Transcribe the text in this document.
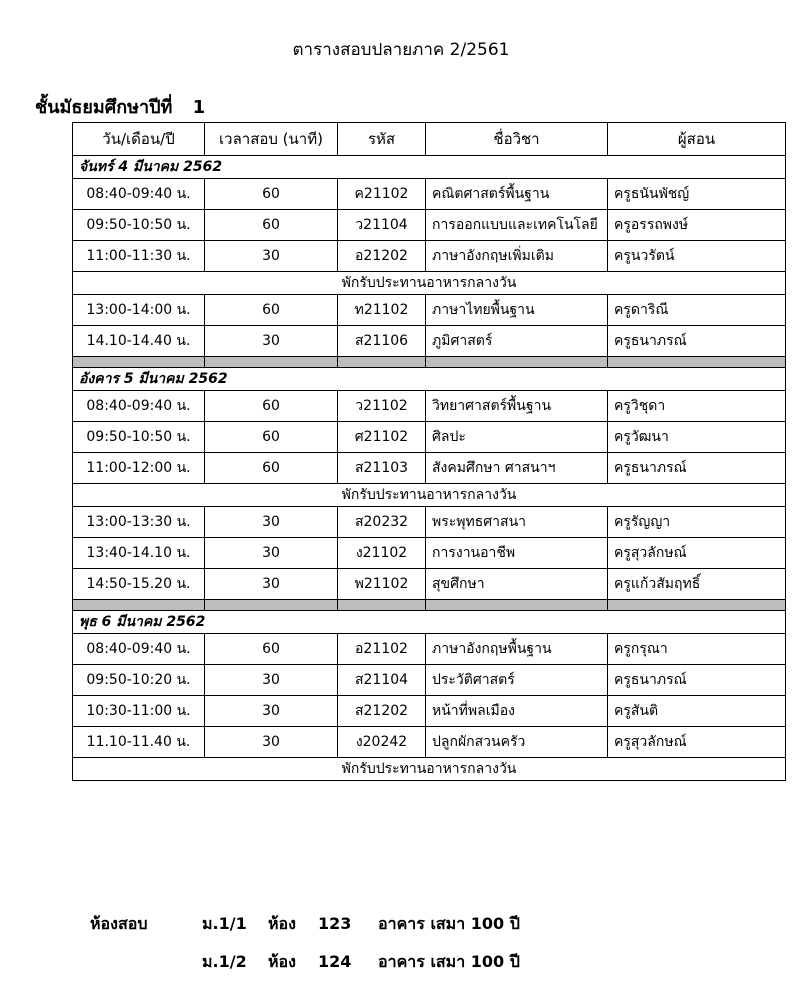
ตารางสอบปลายภาค 2/2561
ชั้นมัธยมศึกษาปีที่ 1
วัน/เดือน/ปี	เวลาสอบ (นาที)	รหัส	ชื่อวิชา	ผู้สอน
จันทร์ 4 มีนาคม 2562				
08:40-09:40 น.	60	ค21102	คณิตศาสตร์พื้นฐาน	ครูธนันพัชญ์
09:50-10:50 น.	60	ว21104	การออกแบบและเทคโนโลยี	ครูอรรถพงษ์
11:00-11:30 น.	30	อ21202	ภาษาอังกฤษเพิ่มเติม	ครูนวรัตน์
พักรับประทานอาหารกลางวัน				
13:00-14:00 น.	60	ท21102	ภาษาไทยพื้นฐาน	ครูดาริณี
14.10-14.40 น.	30	ส21106	ภูมิศาสตร์	ครูธนาภรณ์

อังคาร 5 มีนาคม 2562				
08:40-09:40 น.	60	ว21102	วิทยาศาสตร์พื้นฐาน	ครูวิชุดา
09:50-10:50 น.	60	ศ21102	ศิลปะ	ครูวัฒนา
11:00-12:00 น.	60	ส21103	สังคมศึกษา ศาสนาฯ	ครูธนาภรณ์
พักรับประทานอาหารกลางวัน				
13:00-13:30 น.	30	ส20232	พระพุทธศาสนา	ครูรัญญา
13:40-14.10 น.	30	ง21102	การงานอาชีพ	ครูสุวลักษณ์
14:50-15.20 น.	30	พ21102	สุขศึกษา	ครูแก้วสัมฤทธิ์

พุธ 6 มีนาคม 2562				
08:40-09:40 น.	60	อ21102	ภาษาอังกฤษพื้นฐาน	ครูกรุณา
09:50-10:20 น.	30	ส21104	ประวัติศาสตร์	ครูธนาภรณ์
10:30-11:00 น.	30	ส21202	หน้าที่พลเมือง	ครูสันติ
11.10-11.40 น.	30	ง20242	ปลูกผักสวนครัว	ครูสุวลักษณ์
พักรับประทานอาหารกลางวัน				
ห้องสอบ	ม.1/1 ห้อง 123 อาคาร เสมา 100 ปี
ม.1/2 ห้อง 124 อาคาร เสมา 100 ปี
